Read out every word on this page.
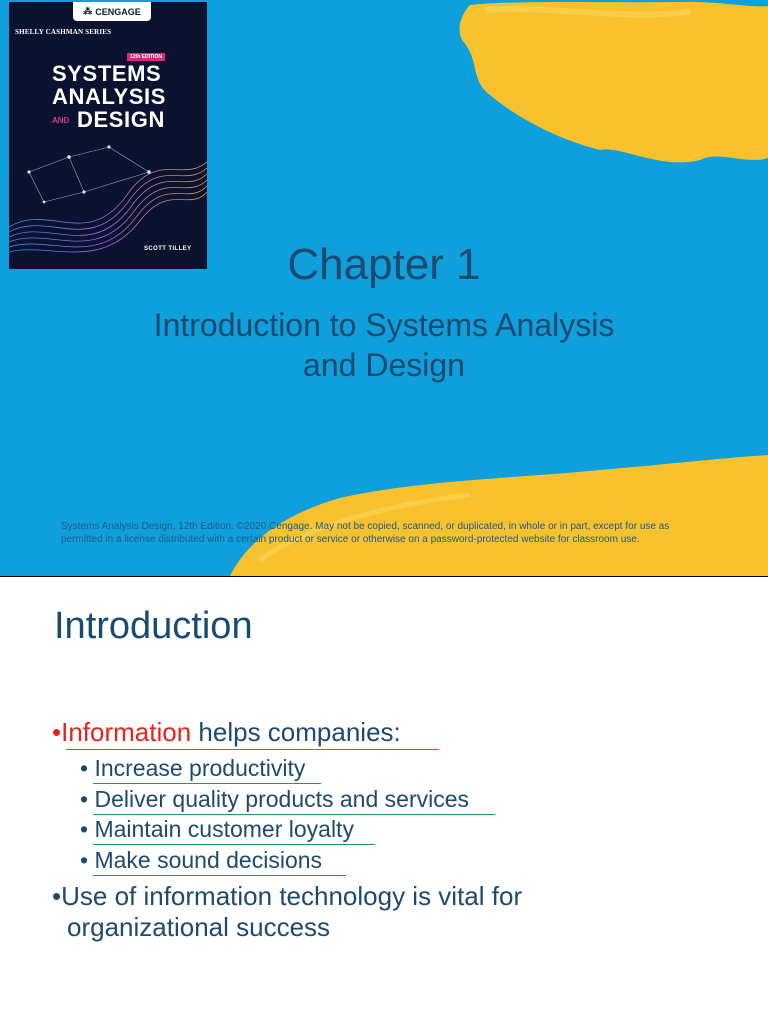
⁂ CENGAGE
SHELLY CASHMAN SERIES
12th EDITION
SYSTEMS
ANALYSIS
AND DESIGN
SCOTT TILLEY	Chapter 1
Introduction to Systems Analysis
and Design
Systems Analysis Design, 12th Edition. ©2020 Cengage. May not be copied, scanned, or duplicated, in whole or in part, except for use as
permitted in a license distributed with a certain product or service or otherwise on a password-protected website for classroom use.
Introduction
•Information helps companies:
• Increase productivity
• Deliver quality products and services
• Maintain customer loyalty
• Make sound decisions
•Use of information technology is vital for
organizational success
